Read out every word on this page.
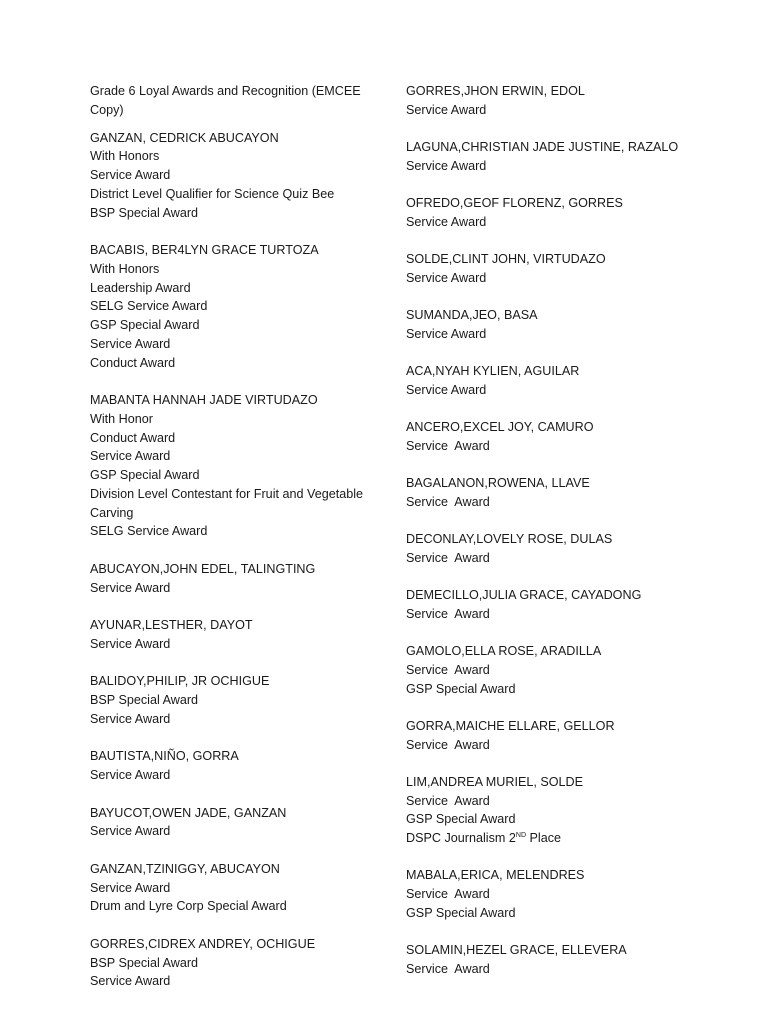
Grade 6 Loyal Awards and Recognition (EMCEE Copy)
GANZAN, CEDRICK ABUCAYON
With Honors
Service Award
District Level Qualifier for Science Quiz Bee
BSP Special Award
BACABIS, BER4LYN GRACE TURTOZA
With Honors
Leadership Award
SELG Service Award
GSP Special Award
Service Award
Conduct Award
MABANTA HANNAH JADE VIRTUDAZO
With Honor
Conduct Award
Service Award
GSP Special Award
Division Level Contestant for Fruit and Vegetable Carving
SELG Service Award
ABUCAYON,JOHN EDEL, TALINGTING
Service Award
AYUNAR,LESTHER, DAYOT
Service Award
BALIDOY,PHILIP, JR OCHIGUE
BSP Special Award
Service Award
BAUTISTA,NIÑO, GORRA
Service Award
BAYUCOT,OWEN JADE, GANZAN
Service Award
GANZAN,TZINIGGY, ABUCAYON
Service Award
Drum and Lyre Corp Special Award
GORRES,CIDREX ANDREY, OCHIGUE
BSP Special Award
Service Award
GORRES,JHON ERWIN, EDOL
Service Award
LAGUNA,CHRISTIAN JADE JUSTINE, RAZALO
Service Award
OFREDO,GEOF FLORENZ, GORRES
Service Award
SOLDE,CLINT JOHN, VIRTUDAZO
Service Award
SUMANDA,JEO, BASA
Service Award
ACA,NYAH KYLIEN, AGUILAR
Service Award
ANCERO,EXCEL JOY, CAMURO
Service  Award
BAGALANON,ROWENA, LLAVE
Service  Award
DECONLAY,LOVELY ROSE, DULAS
Service  Award
DEMECILLO,JULIA GRACE, CAYADONG
Service  Award
GAMOLO,ELLA ROSE, ARADILLA
Service  Award
GSP Special Award
GORRA,MAICHE ELLARE, GELLOR
Service  Award
LIM,ANDREA MURIEL, SOLDE
Service  Award
GSP Special Award
DSPC Journalism 2ND Place
MABALA,ERICA, MELENDRES
Service  Award
GSP Special Award
SOLAMIN,HEZEL GRACE, ELLEVERA
Service  Award
